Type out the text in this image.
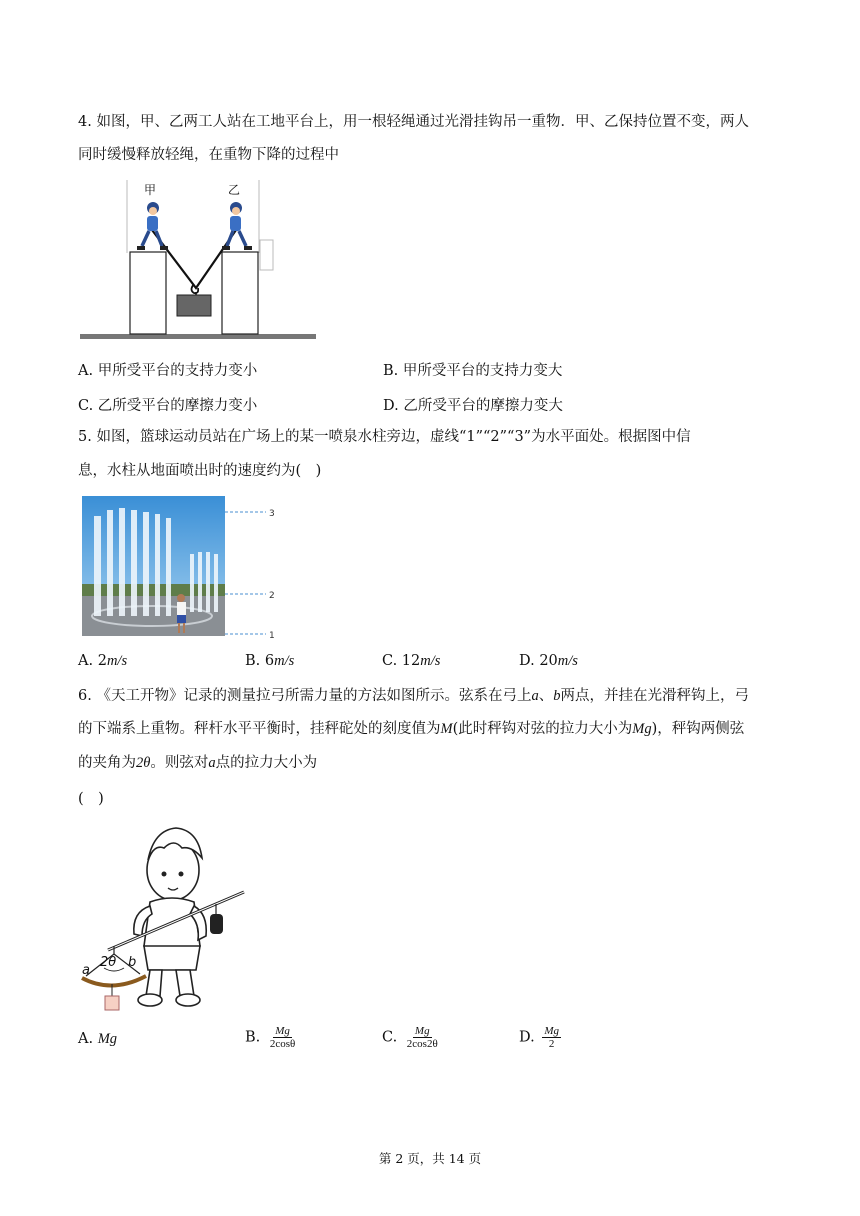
4. 如图，甲、乙两工人站在工地平台上，用一根轻绳通过光滑挂钩吊一重物．甲、乙保持位置不变，两人
同时缓慢释放轻绳，在重物下降的过程中
甲	乙
A. 甲所受平台的支持力变小	B. 甲所受平台的支持力变大
C. 乙所受平台的摩擦力变小	D. 乙所受平台的摩擦力变大
5. 如图，篮球运动员站在广场上的某一喷泉水柱旁边，虚线“1”“2”“3”为水平面处。根据图中信
息，水柱从地面喷出时的速度约为(　)
3
2
1
A. 2m/s	B. 6m/s	C. 12m/s	D. 20m/s
6. 《天工开物》记录的测量拉弓所需力量的方法如图所示。弦系在弓上a、b两点，并挂在光滑秤钩上，弓
的下端系上重物。秤杆水平平衡时，挂秤砣处的刻度值为M(此时秤钩对弦的拉力大小为Mg)，秤钩两侧弦
的夹角为2θ。则弦对a点的拉力大小为
(　)
a
b
2θ
A. Mg	B. $\frac{Mg}{2\cos\theta}$	C. $\frac{Mg}{2\cos 2\theta}$	D. $\frac{Mg}{2}$
第 2 页，共 14 页
